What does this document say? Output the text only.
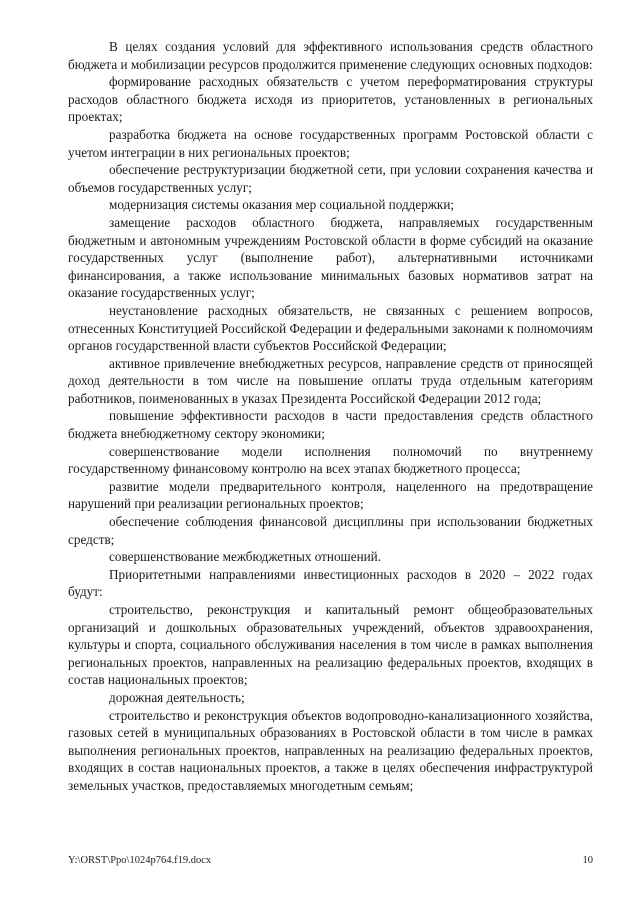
В целях создания условий для эффективного использования средств областного бюджета и мобилизации ресурсов продолжится применение следующих основных подходов:

формирование расходных обязательств с учетом переформатирования структуры расходов областного бюджета исходя из приоритетов, установленных в региональных проектах;

разработка бюджета на основе государственных программ Ростовской области с учетом интеграции в них региональных проектов;

обеспечение реструктуризации бюджетной сети, при условии сохранения качества и объемов государственных услуг;

модернизация системы оказания мер социальной поддержки;

замещение расходов областного бюджета, направляемых государственным бюджетным и автономным учреждениям Ростовской области в форме субсидий на оказание государственных услуг (выполнение работ), альтернативными источниками финансирования, а также использование минимальных базовых нормативов затрат на оказание государственных услуг;

неустановление расходных обязательств, не связанных с решением вопросов, отнесенных Конституцией Российской Федерации и федеральными законами к полномочиям органов государственной власти субъектов Российской Федерации;

активное привлечение внебюджетных ресурсов, направление средств от приносящей доход деятельности в том числе на повышение оплаты труда отдельным категориям работников, поименованных в указах Президента Российской Федерации 2012 года;

повышение эффективности расходов в части предоставления средств областного бюджета внебюджетному сектору экономики;

совершенствование модели исполнения полномочий по внутреннему государственному финансовому контролю на всех этапах бюджетного процесса;

развитие модели предварительного контроля, нацеленного на предотвращение нарушений при реализации региональных проектов;

обеспечение соблюдения финансовой дисциплины при использовании бюджетных средств;

совершенствование межбюджетных отношений.

Приоритетными направлениями инвестиционных расходов в 2020 – 2022 годах будут:

строительство, реконструкция и капитальный ремонт общеобразовательных организаций и дошкольных образовательных учреждений, объектов здравоохранения, культуры и спорта, социального обслуживания населения в том числе в рамках выполнения региональных проектов, направленных на реализацию федеральных проектов, входящих в состав национальных проектов;

дорожная деятельность;

строительство и реконструкция объектов водопроводно-канализационного хозяйства, газовых сетей в муниципальных образованиях в Ростовской области в том числе в рамках выполнения региональных проектов, направленных на реализацию федеральных проектов, входящих в состав национальных проектов, а также в целях обеспечения инфраструктурой земельных участков, предоставляемых многодетным семьям;

Y:\ORST\Ppo\1024p764.f19.docx	10
